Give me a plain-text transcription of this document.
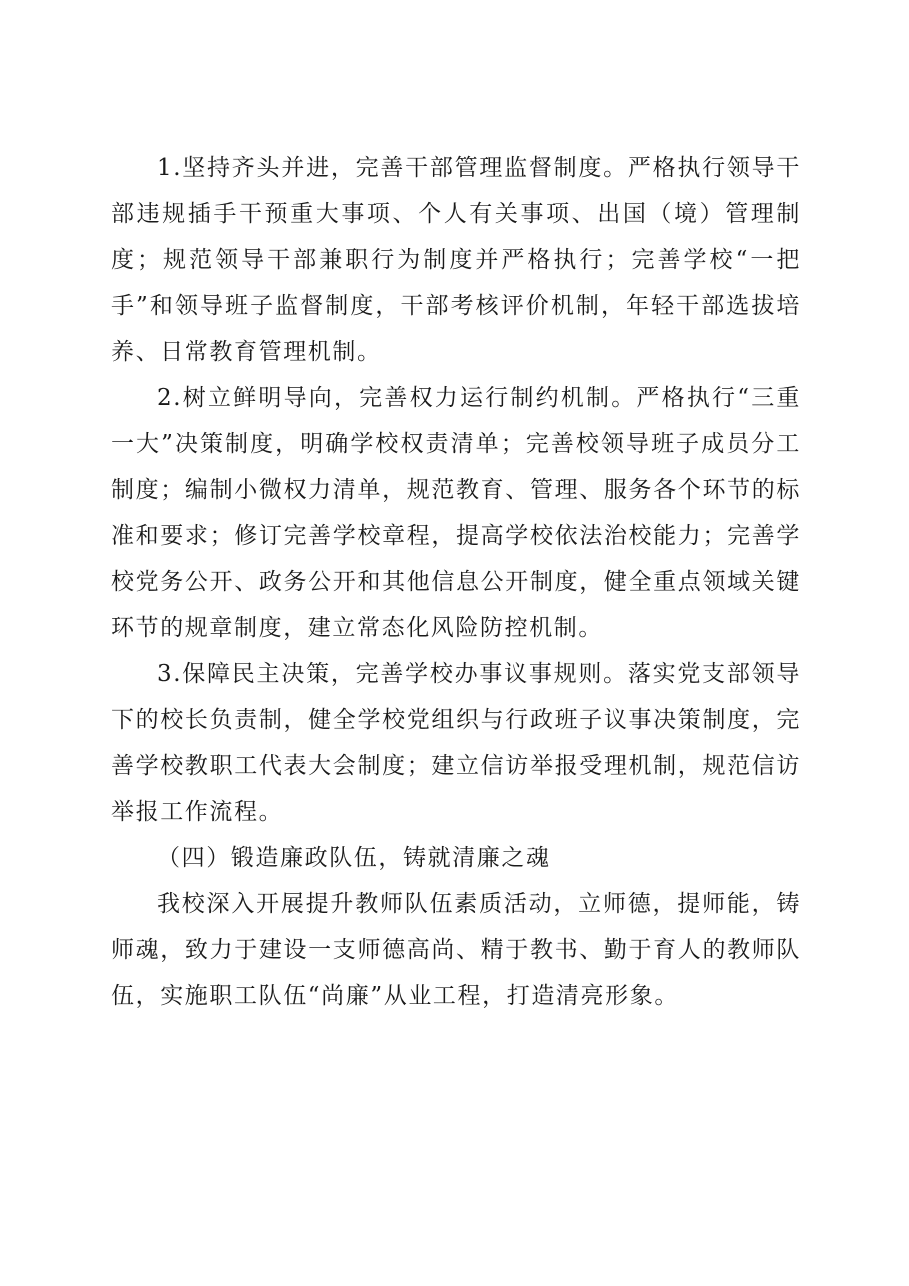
1.坚持齐头并进，完善干部管理监督制度。严格执行领导干部违规插手干预重大事项、个人有关事项、出国（境）管理制度；规范领导干部兼职行为制度并严格执行；完善学校“一把手”和领导班子监督制度，干部考核评价机制，年轻干部选拔培养、日常教育管理机制。

2.树立鲜明导向，完善权力运行制约机制。严格执行“三重一大”决策制度，明确学校权责清单；完善校领导班子成员分工制度；编制小微权力清单，规范教育、管理、服务各个环节的标准和要求；修订完善学校章程，提高学校依法治校能力；完善学校党务公开、政务公开和其他信息公开制度，健全重点领域关键环节的规章制度，建立常态化风险防控机制。

3.保障民主决策，完善学校办事议事规则。落实党支部领导下的校长负责制，健全学校党组织与行政班子议事决策制度，完善学校教职工代表大会制度；建立信访举报受理机制，规范信访举报工作流程。

（四）锻造廉政队伍，铸就清廉之魂

我校深入开展提升教师队伍素质活动，立师德，提师能，铸师魂，致力于建设一支师德高尚、精于教书、勤于育人的教师队伍，实施职工队伍“尚廉”从业工程，打造清亮形象。
